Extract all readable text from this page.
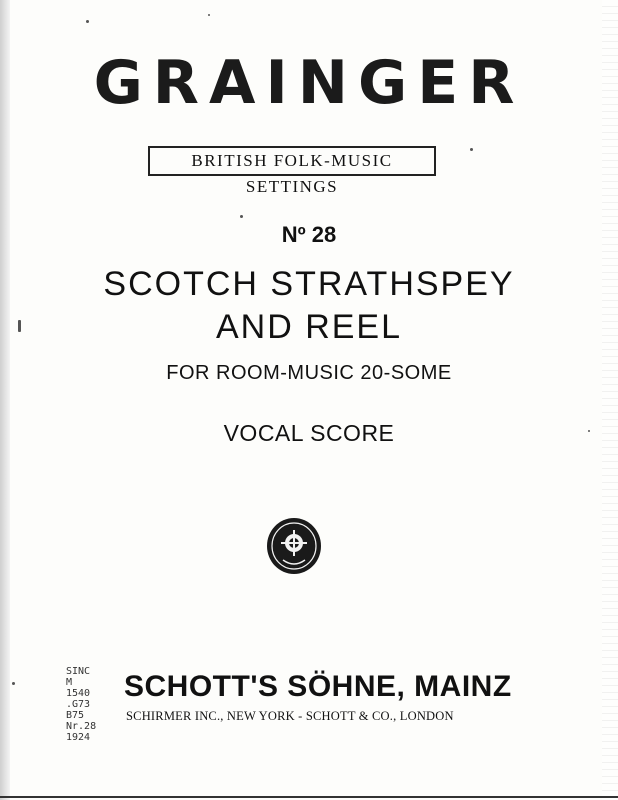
GRAINGER
BRITISH FOLK-MUSIC SETTINGS
Nº 28
SCOTCH STRATHSPEY
AND REEL
FOR ROOM-MUSIC 20-SOME
VOCAL SCORE
SINC
M
1540
.G73
B75
Nr.28
1924
SCHOTT'S SÖHNE, MAINZ
SCHIRMER INC., NEW YORK - SCHOTT & CO., LONDON
